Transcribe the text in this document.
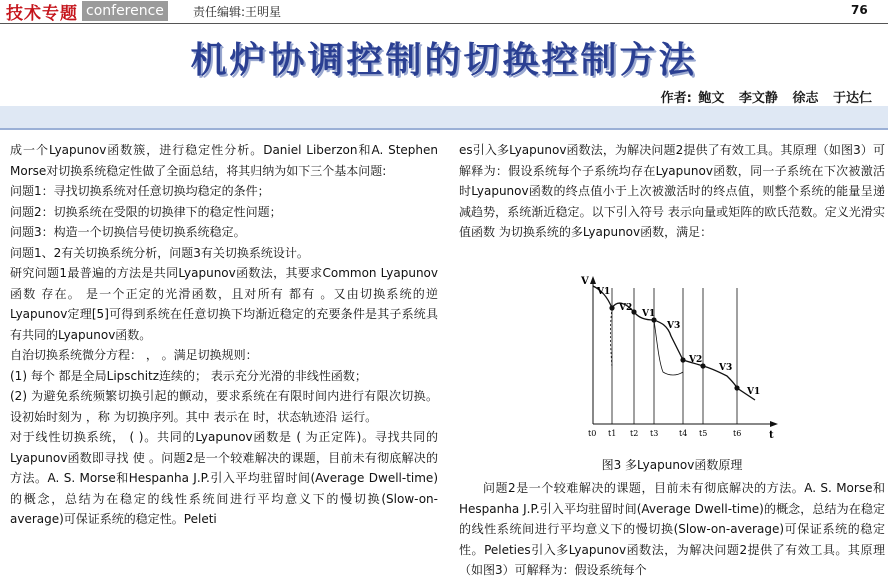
技术专题 conference	责任编辑:王明星	76
机炉协调控制的切换控制方法
作者: 鲍文 李文静 徐志 于达仁

成一个Lyapunov函数簇，进行稳定性分析。Daniel Liberzon和A. Stephen Morse对切换系统稳定性做了全面总结，将其归纳为如下三个基本问题:

问题1：寻找切换系统对任意切换均稳定的条件；

问题2：切换系统在受限的切换律下的稳定性问题；

问题3：构造一个切换信号使切换系统稳定。

问题1、2有关切换系统分析，问题3有关切换系统设计。

研究问题1最普遍的方法是共同Lyapunov函数法，其要求Common Lyapunov函数 存在。 是一个正定的光滑函数，且对所有 都有 。又由切换系统的逆Lyapunov定理[5]可得到系统在任意切换下均渐近稳定的充要条件是其子系统具有共同的Lyapunov函数。

自治切换系统微分方程： ， 。满足切换规则：

(1) 每个 都是全局Lipschitz连续的； 表示充分光滑的非线性函数；

(2) 为避免系统频繁切换引起的颤动，要求系统在有限时间内进行有限次切换。设初始时刻为 ，称 为切换序列。其中 表示在 时，状态轨迹沿 运行。

对于线性切换系统， ( )。共同的Lyapunov函数是 ( 为正定阵)。寻找共同的Lyapunov函数即寻找 使 。问题2是一个较难解决的课题，目前未有彻底解决的方法。A. S. Morse和Hespanha J.P.引入平均驻留时间(Average Dwell-time)的概念，总结为在稳定的线性系统间进行平均意义下的慢切换(Slow-on-average)可保证系统的稳定性。Peleti

es引入多Lyapunov函数法，为解决问题2提供了有效工具。其原理（如图3）可解释为：假设系统每个子系统均存在Lyapunov函数，同一子系统在下次被激活时Lyapunov函数的终点值小于上次被激活时的终点值，则整个系统的能量呈递减趋势，系统渐近稳定。以下引入符号 表示向量或矩阵的欧氏范数。定义光滑实值函数 为切换系统的多Lyapunov函数，满足：

V
t
V1
V2
V1
V3
V2
V3
V1
t0 t1 t2 t3	t4 t5	t6
图3 多Lyapunov函数原理

问题2是一个较难解决的课题，目前未有彻底解决的方法。A. S. Morse和Hespanha J.P.引入平均驻留时间(Average Dwell-time)的概念，总结为在稳定的线性系统间进行平均意义下的慢切换(Slow-on-average)可保证系统的稳定性。Peleties引入多Lyapunov函数法，为解决问题2提供了有效工具。其原理（如图3）可解释为：假设系统每个
